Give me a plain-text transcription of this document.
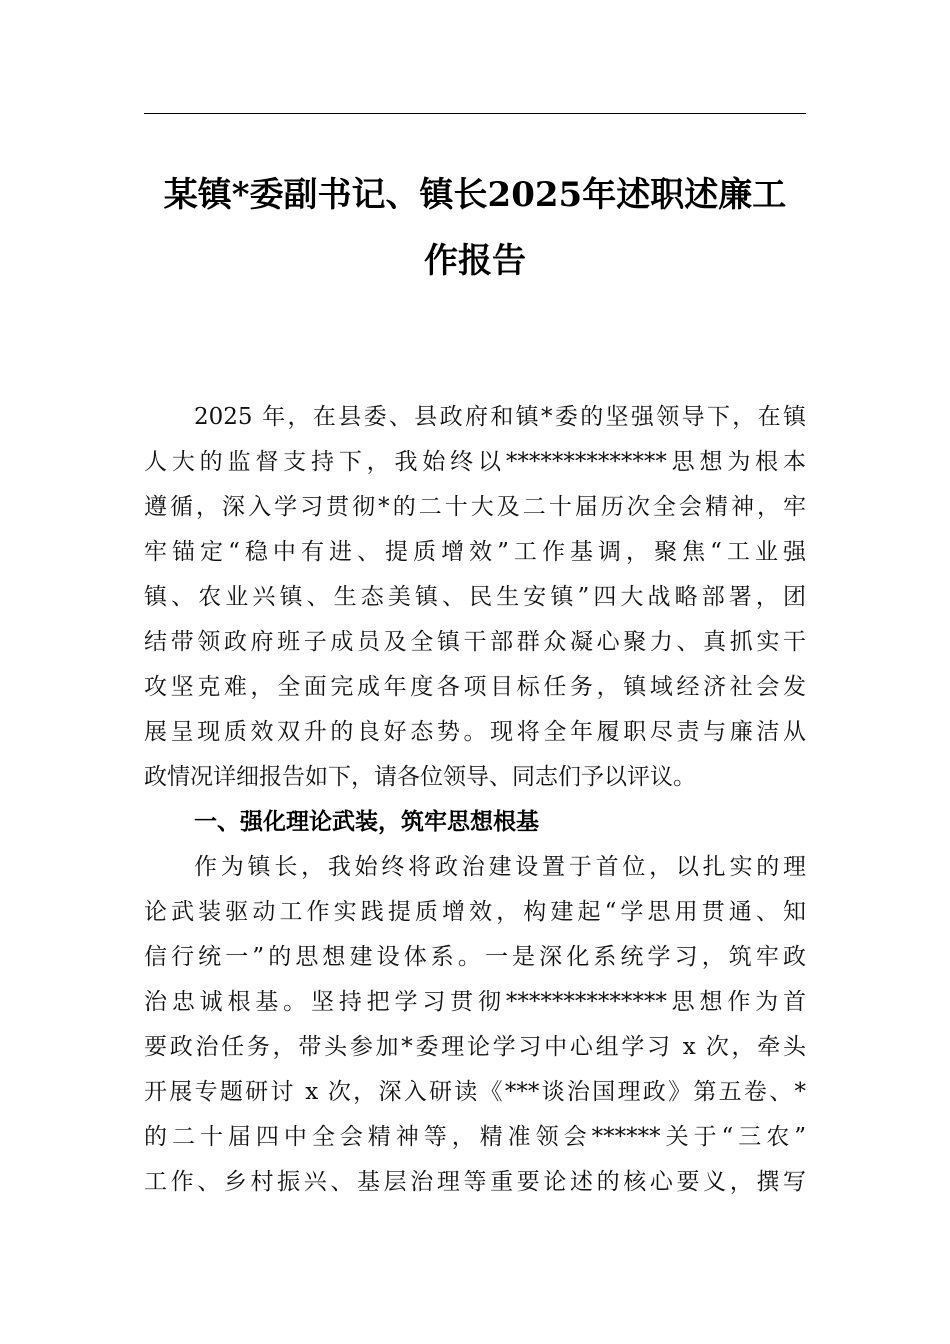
某镇*委副书记、镇长2025年述职述廉工
作报告
2025 年，在县委、县政府和镇*委的坚强领导下，在镇
人大的监督支持下，我始终以**************思想为根本
遵循，深入学习贯彻*的二十大及二十届历次全会精神，牢
牢锚定“稳中有进、提质增效”工作基调，聚焦“工业强
镇、农业兴镇、生态美镇、民生安镇”四大战略部署，团
结带领政府班子成员及全镇干部群众凝心聚力、真抓实干
攻坚克难，全面完成年度各项目标任务，镇域经济社会发
展呈现质效双升的良好态势。现将全年履职尽责与廉洁从
政情况详细报告如下，请各位领导、同志们予以评议。
一、强化理论武装，筑牢思想根基
作为镇长，我始终将政治建设置于首位，以扎实的理
论武装驱动工作实践提质增效，构建起“学思用贯通、知
信行统一”的思想建设体系。一是深化系统学习，筑牢政
治忠诚根基。坚持把学习贯彻**************思想作为首
要政治任务，带头参加*委理论学习中心组学习 x 次，牵头
开展专题研讨 x 次，深入研读《***谈治国理政》第五卷、*
的二十届四中全会精神等，精准领会******关于“三农”
工作、乡村振兴、基层治理等重要论述的核心要义，撰写
